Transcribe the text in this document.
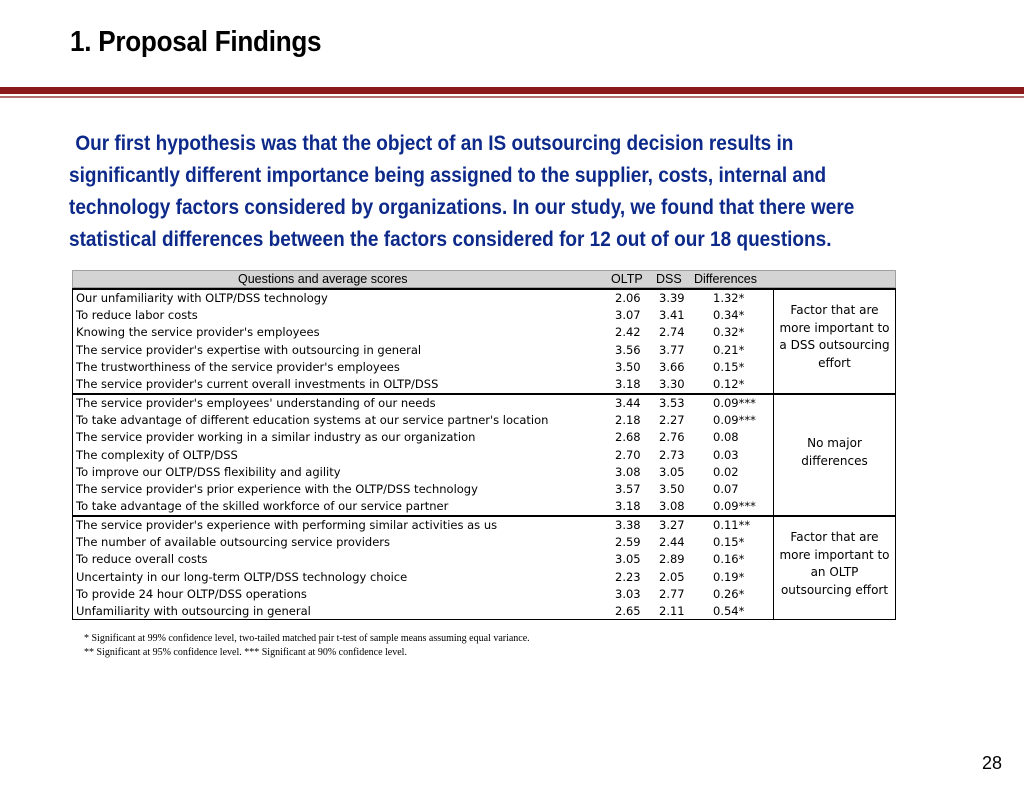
1. Proposal Findings
Our first hypothesis was that the object of an IS outsourcing decision results in
significantly different importance being assigned to the supplier, costs, internal and
technology factors considered by organizations. In our study, we found that there were
statistical differences between the factors considered for 12 out of our 18 questions.
Questions and average scores	OLTP DSS Differences
Our unfamiliarity with OLTP/DSS technology	2.06 3.39 1.32*
To reduce labor costs	3.07 3.41 0.34*
Knowing the service provider's employees	2.42 2.74 0.32*
The service provider's expertise with outsourcing in general	3.56 3.77 0.21*
The trustworthiness of the service provider's employees	3.50 3.66 0.15*
The service provider's current overall investments in OLTP/DSS	3.18 3.30 0.12*
Factor that are
more important to
a DSS outsourcing
effort
The service provider's employees' understanding of our needs	3.44 3.53 0.09***
To take advantage of different education systems at our service partner's location	2.18 2.27 0.09***
The service provider working in a similar industry as our organization	2.68 2.76 0.08
The complexity of OLTP/DSS	2.70 2.73 0.03
To improve our OLTP/DSS flexibility and agility	3.08 3.05 0.02
The service provider's prior experience with the OLTP/DSS technology	3.57 3.50 0.07
To take advantage of the skilled workforce of our service partner	3.18 3.08 0.09***
No major
differences
The service provider's experience with performing similar activities as us	3.38 3.27 0.11**
The number of available outsourcing service providers	2.59 2.44 0.15*
To reduce overall costs	3.05 2.89 0.16*
Uncertainty in our long-term OLTP/DSS technology choice	2.23 2.05 0.19*
To provide 24 hour OLTP/DSS operations	3.03 2.77 0.26*
Unfamiliarity with outsourcing in general	2.65 2.11 0.54*
Factor that are
more important to
an OLTP
outsourcing effort
* Significant at 99% confidence level, two-tailed matched pair t-test of sample means assuming equal variance.
** Significant at 95% confidence level. *** Significant at 90% confidence level.
28
